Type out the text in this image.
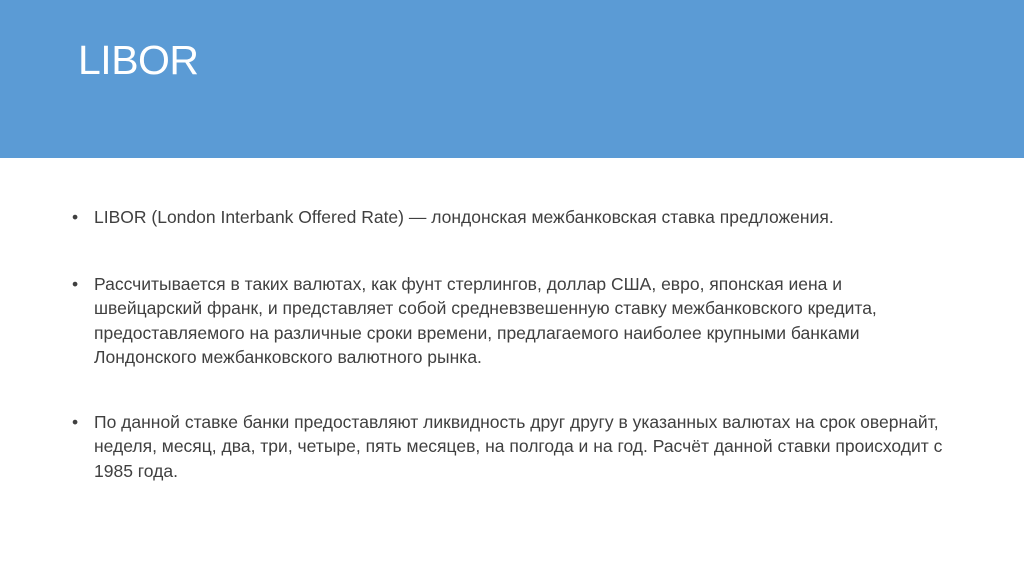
LIBOR
• LIBOR (London Interbank Offered Rate) — лондонская межбанковская ставка предложения.
• Рассчитывается в таких валютах, как фунт стерлингов, доллар США, евро, японская иена и швейцарский франк, и представляет собой средневзвешенную ставку межбанковского кредита, предоставляемого на различные сроки времени, предлагаемого наиболее крупными банками Лондонского межбанковского валютного рынка.
• По данной ставке банки предоставляют ликвидность друг другу в указанных валютах на срок овернайт, неделя, месяц, два, три, четыре, пять месяцев, на полгода и на год. Расчёт данной ставки происходит с 1985 года.
